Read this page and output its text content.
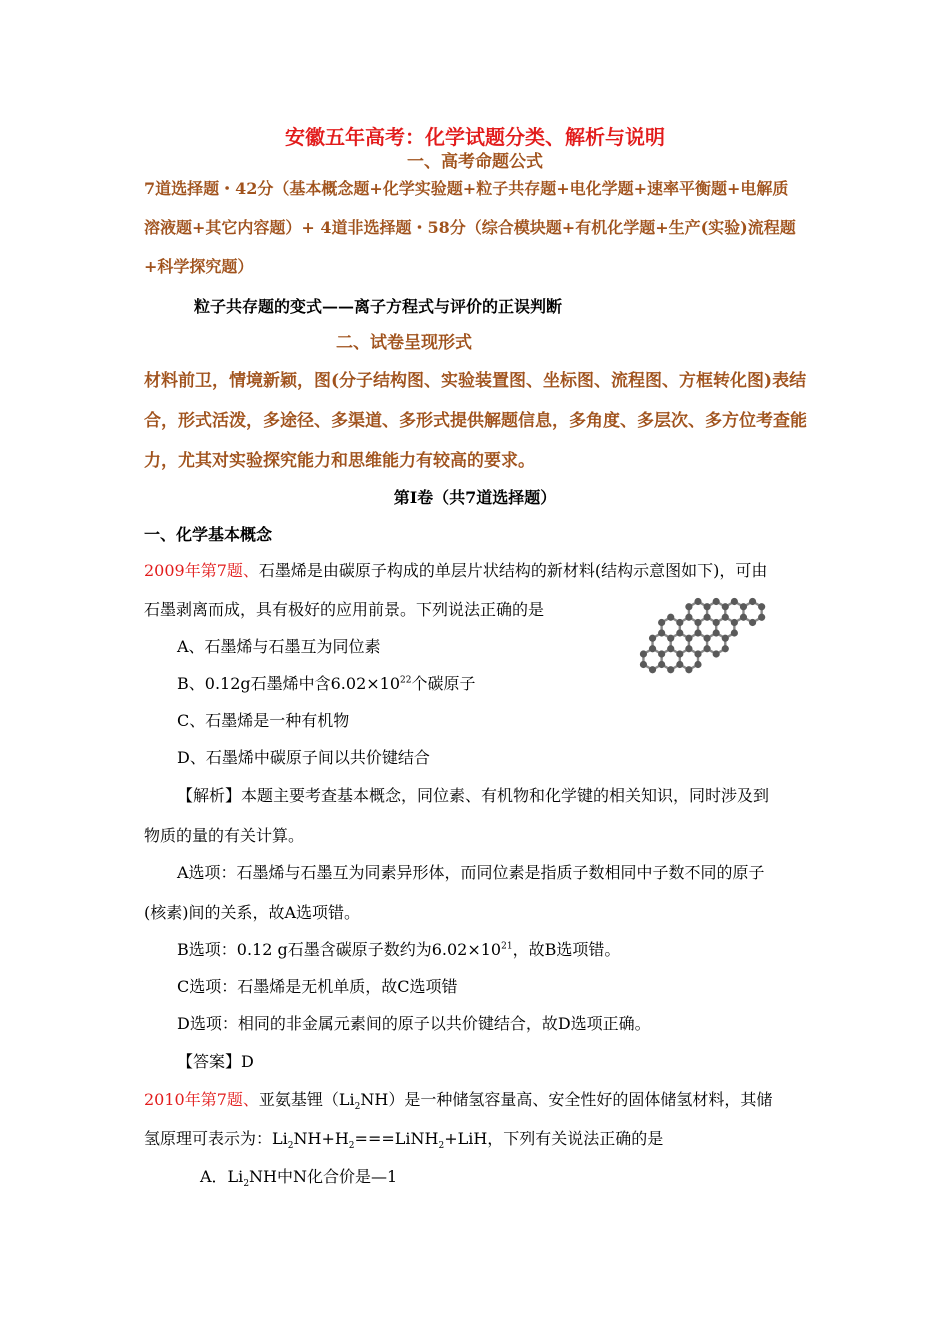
安徽五年高考：化学试题分类、解析与说明
一、高考命题公式
7道选择题・42分（基本概念题+化学实验题+粒子共存题+电化学题+速率平衡题+电解质
溶液题+其它内容题）+ 4道非选择题・58分（综合模块题+有机化学题+生产(实验)流程题
+科学探究题）
粒子共存题的变式——离子方程式与评价的正误判断
二、试卷呈现形式
材料前卫，情境新颖，图(分子结构图、实验装置图、坐标图、流程图、方框转化图)表结
合，形式活泼，多途径、多渠道、多形式提供解题信息，多角度、多层次、多方位考查能
力，尤其对实验探究能力和思维能力有较高的要求。
第Ⅰ卷（共7道选择题）
一、化学基本概念
2009年第7题、石墨烯是由碳原子构成的单层片状结构的新材料(结构示意图如下)，可由
石墨剥离而成，具有极好的应用前景。下列说法正确的是
A、石墨烯与石墨互为同位素
B、0.12g石墨烯中含$6.02\times 10^{22}$个碳原子
C、石墨烯是一种有机物
D、石墨烯中碳原子间以共价键结合
【解析】本题主要考查基本概念，同位素、有机物和化学键的相关知识，同时涉及到
物质的量的有关计算。
A选项：石墨烯与石墨互为同素异形体，而同位素是指质子数相同中子数不同的原子
(核素)间的关系，故A选项错。
B选项：0.12 g石墨含碳原子数约为$6.02\times 10^{21}$，故B选项错。
C选项：石墨烯是无机单质，故C选项错
D选项：相同的非金属元素间的原子以共价键结合，故D选项正确。
【答案】D
2010年第7题、亚氨基锂$(Li_2NH)$是一种储氢容量高、安全性好的固体储氢材料，其储
氢原理可表示为：$Li_2NH+H_2===LiNH_2+LiH$，下列有关说法正确的是
A．$Li_2NH$中N化合价是—1
